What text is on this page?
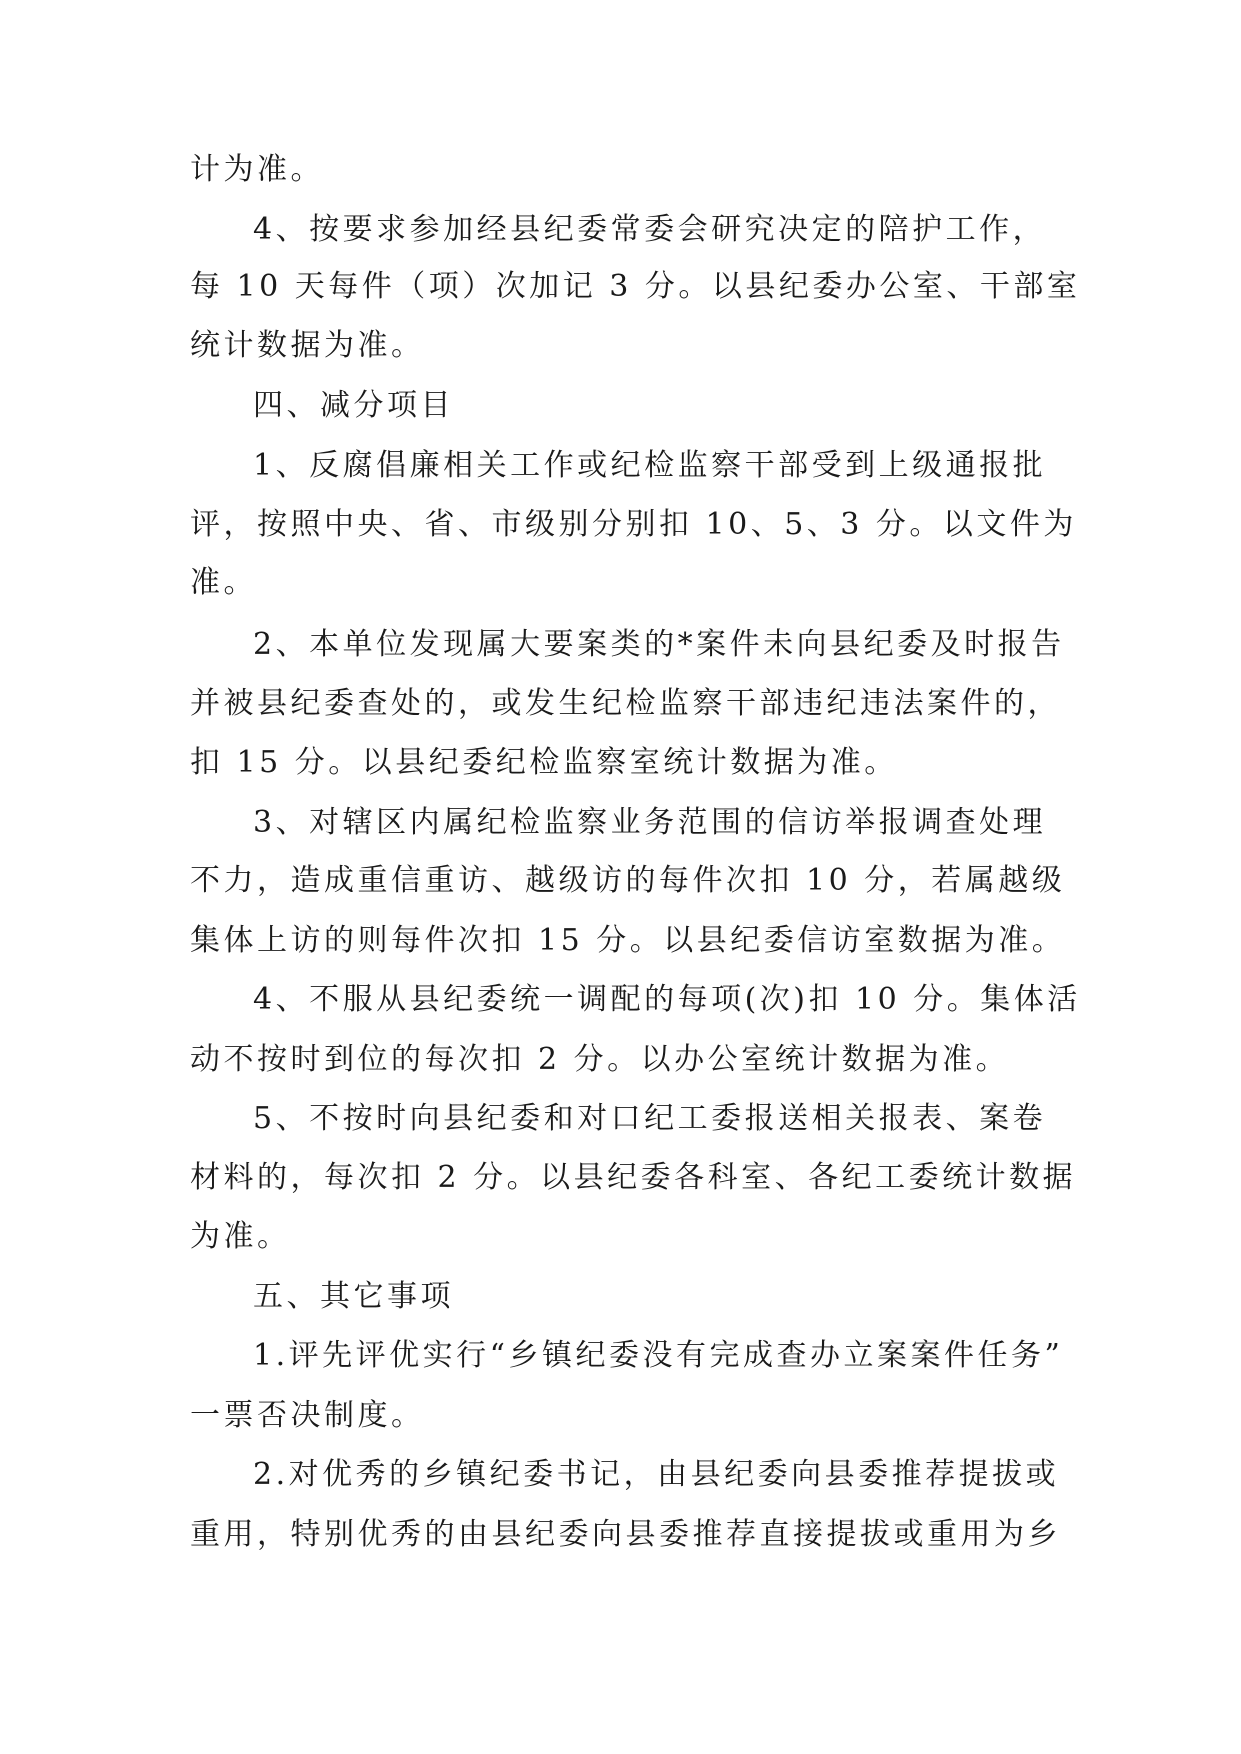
计为准。
4、按要求参加经县纪委常委会研究决定的陪护工作，
每 10 天每件（项）次加记 3 分。以县纪委办公室、干部室
统计数据为准。
四、减分项目
1、反腐倡廉相关工作或纪检监察干部受到上级通报批
评，按照中央、省、市级别分别扣 10、5、3 分。以文件为
准。
2、本单位发现属大要案类的*案件未向县纪委及时报告
并被县纪委查处的，或发生纪检监察干部违纪违法案件的，
扣 15 分。以县纪委纪检监察室统计数据为准。
3、对辖区内属纪检监察业务范围的信访举报调查处理
不力，造成重信重访、越级访的每件次扣 10 分，若属越级
集体上访的则每件次扣 15 分。以县纪委信访室数据为准。
4、不服从县纪委统一调配的每项(次)扣 10 分。集体活
动不按时到位的每次扣 2 分。以办公室统计数据为准。
5、不按时向县纪委和对口纪工委报送相关报表、案卷
材料的，每次扣 2 分。以县纪委各科室、各纪工委统计数据
为准。
五、其它事项
1.评先评优实行“乡镇纪委没有完成查办立案案件任务”
一票否决制度。
2.对优秀的乡镇纪委书记，由县纪委向县委推荐提拔或
重用，特别优秀的由县纪委向县委推荐直接提拔或重用为乡
